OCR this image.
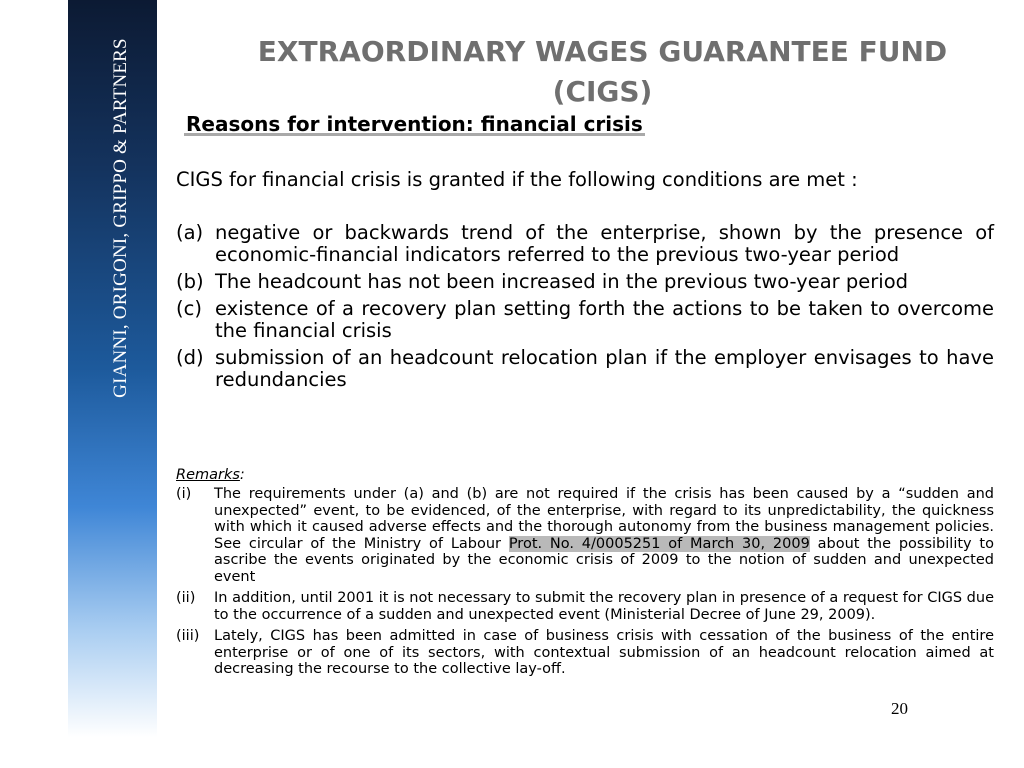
GIANNI, ORIGONI, GRIPPO & PARTNERS	EXTRAORDINARY WAGES GUARANTEE FUND
(CIGS)
Reasons for intervention: financial crisis
CIGS for financial crisis is granted if the following conditions are met :
(a) negative or backwards trend of the enterprise, shown by the presence of economic-financial indicators referred to the previous two-year period
(b) The headcount has not been increased in the previous two-year period
(c) existence of a recovery plan setting forth the actions to be taken to overcome the financial crisis
(d) submission of an headcount relocation plan if the employer envisages to have redundancies
Remarks:
(i)	The requirements under (a) and (b) are not required if the crisis has been caused by a “sudden and unexpected” event, to be evidenced, of the enterprise, with regard to its unpredictability, the quickness with which it caused adverse effects and the thorough autonomy from the business management policies. See circular of the Ministry of Labour Prot. No. 4/0005251 of March 30, 2009 about the possibility to ascribe the events originated by the economic crisis of 2009 to the notion of sudden and unexpected event
(ii)	In addition, until 2001 it is not necessary to submit the recovery plan in presence of a request for CIGS due to the occurrence of a sudden and unexpected event (Ministerial Decree of June 29, 2009).
(iii)	Lately, CIGS has been admitted in case of business crisis with cessation of the business of the entire enterprise or of one of its sectors, with contextual submission of an headcount relocation aimed at decreasing the recourse to the collective lay-off.
20
